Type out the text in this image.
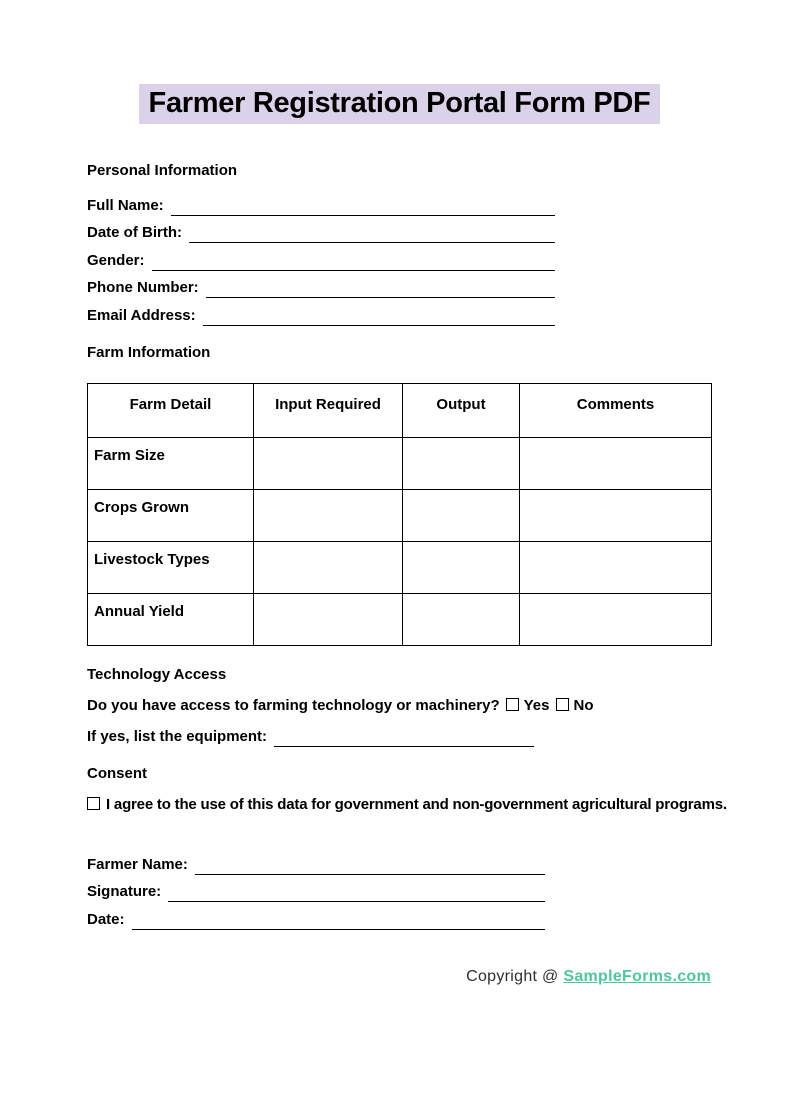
Farmer Registration Portal Form PDF
Personal Information
Full Name:
Date of Birth:
Gender:
Phone Number:
Email Address:
Farm Information
Farm Detail	Input Required	Output	Comments
Farm Size			
Crops Grown			
Livestock Types			
Annual Yield			
Technology Access

Do you have access to farming technology or machinery? Yes No

If yes, list the equipment:
Consent

I agree to the use of this data for government and non-government agricultural programs.

Farmer Name:
Signature:
Date:
Copyright @ SampleForms.com
